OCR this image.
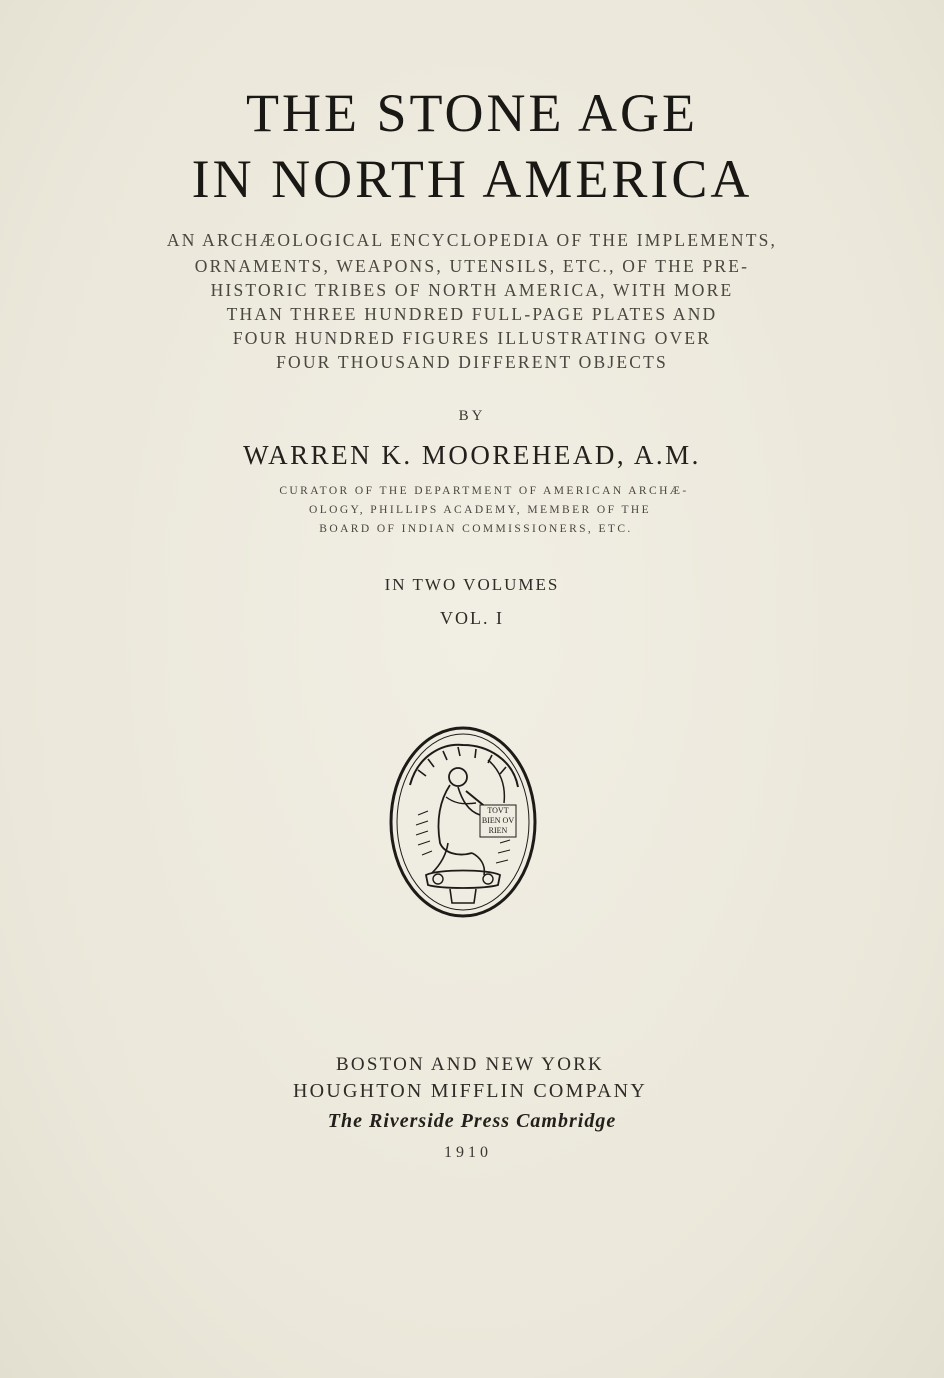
THE STONE AGE
IN NORTH AMERICA
AN ARCHÆOLOGICAL ENCYCLOPEDIA OF THE IMPLEMENTS,
ORNAMENTS, WEAPONS, UTENSILS, ETC., OF THE PRE-
HISTORIC TRIBES OF NORTH AMERICA, WITH MORE
THAN THREE HUNDRED FULL-PAGE PLATES AND
FOUR HUNDRED FIGURES ILLUSTRATING OVER
FOUR THOUSAND DIFFERENT OBJECTS
BY
WARREN K. MOOREHEAD, A.M.
CURATOR OF THE DEPARTMENT OF AMERICAN ARCHÆ-
OLOGY, PHILLIPS ACADEMY, MEMBER OF THE
BOARD OF INDIAN COMMISSIONERS, ETC.
IN TWO VOLUMES
VOL. I
TOVT
BIEN OV
RIEN
BOSTON AND NEW YORK
HOUGHTON MIFFLIN COMPANY
The Riverside Press Cambridge
1910
